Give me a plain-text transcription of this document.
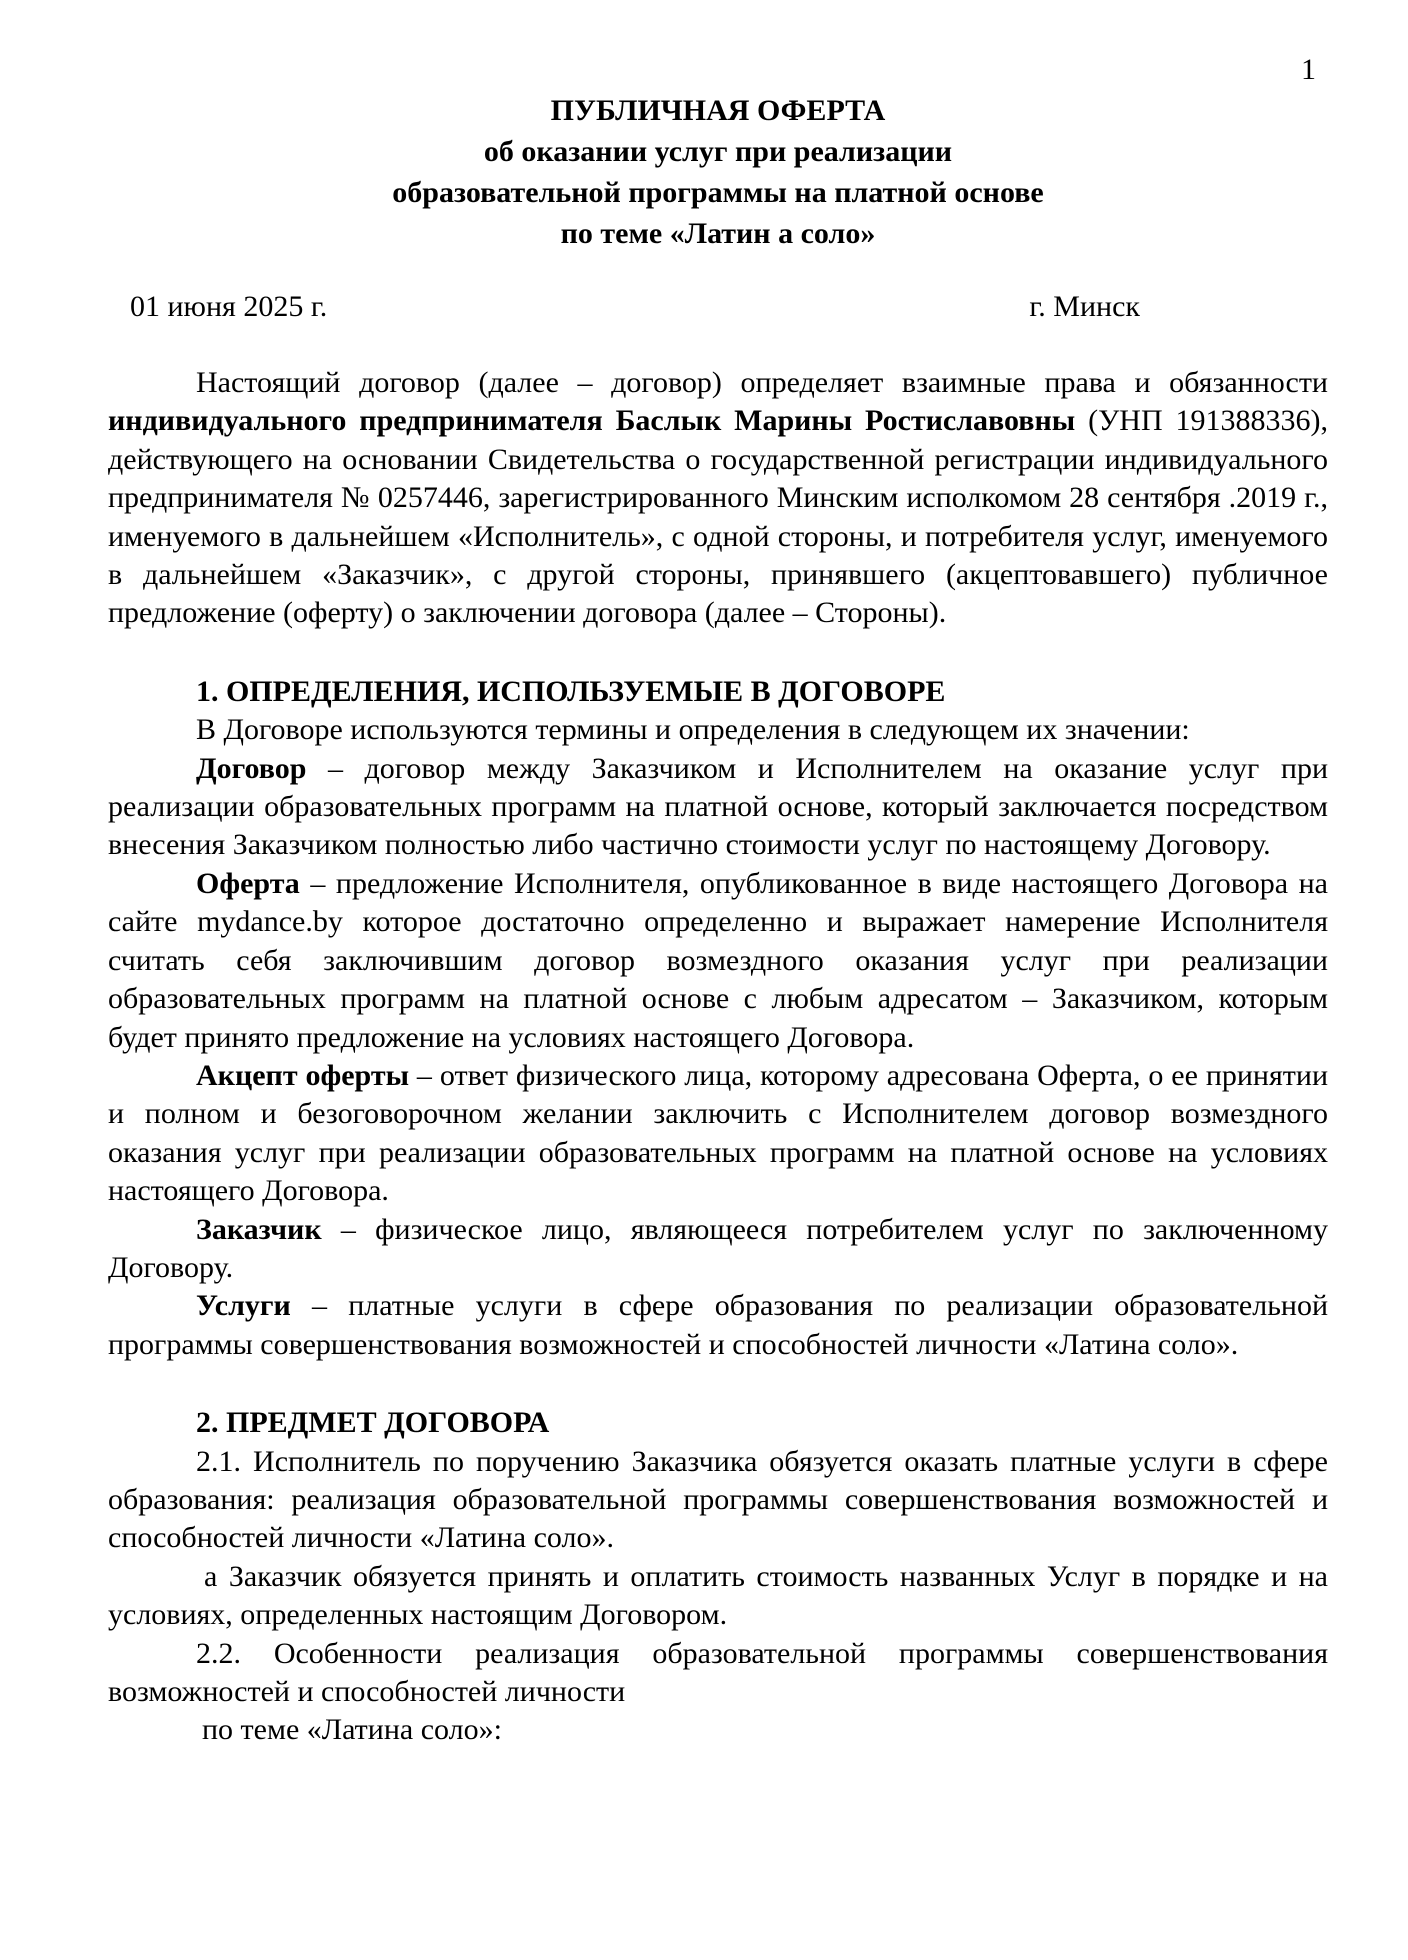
1
ПУБЛИЧНАЯ ОФЕРТА
об оказании услуг при реализации
образовательной программы на платной основе
по теме «Латин а соло»
01 июня 2025 г.	г. Минск

Настоящий договор (далее – договор) определяет взаимные права и обязанности индивидуального предпринимателя Баслык Марины Ростиславовны (УНП 191388336), действующего на основании Свидетельства о государственной регистрации индивидуального предпринимателя № 0257446, зарегистрированного Минским исполкомом 28 сентября .2019 г., именуемого в дальнейшем «Исполнитель», с одной стороны, и потребителя услуг, именуемого в дальнейшем «Заказчик», с другой стороны, принявшего (акцептовавшего) публичное предложение (оферту) о заключении договора (далее – Стороны).

1. ОПРЕДЕЛЕНИЯ, ИСПОЛЬЗУЕМЫЕ В ДОГОВОРЕ

В Договоре используются термины и определения в следующем их значении:

Договор – договор между Заказчиком и Исполнителем на оказание услуг при реализации образовательных программ на платной основе, который заключается посредством внесения Заказчиком полностью либо частично стоимости услуг по настоящему Договору.

Оферта – предложение Исполнителя, опубликованное в виде настоящего Договора на сайте mydance.by которое достаточно определенно и выражает намерение Исполнителя считать себя заключившим договор возмездного оказания услуг при реализации образовательных программ на платной основе с любым адресатом – Заказчиком, которым будет принято предложение на условиях настоящего Договора.

Акцепт оферты – ответ физического лица, которому адресована Оферта, о ее принятии и полном и безоговорочном желании заключить с Исполнителем договор возмездного оказания услуг при реализации образовательных программ на платной основе на условиях настоящего Договора.

Заказчик – физическое лицо, являющееся потребителем услуг по заключенному Договору.

Услуги – платные услуги в сфере образования по реализации образовательной программы совершенствования возможностей и способностей личности «Латина соло».

2. ПРЕДМЕТ ДОГОВОРА

2.1. Исполнитель по поручению Заказчика обязуется оказать платные услуги в сфере образования: реализация образовательной программы совершенствования возможностей и способностей личности «Латина соло».

а Заказчик обязуется принять и оплатить стоимость названных Услуг в порядке и на условиях, определенных настоящим Договором.

2.2. Особенности реализация образовательной программы совершенствования возможностей и способностей личности

по теме «Латина соло»:
